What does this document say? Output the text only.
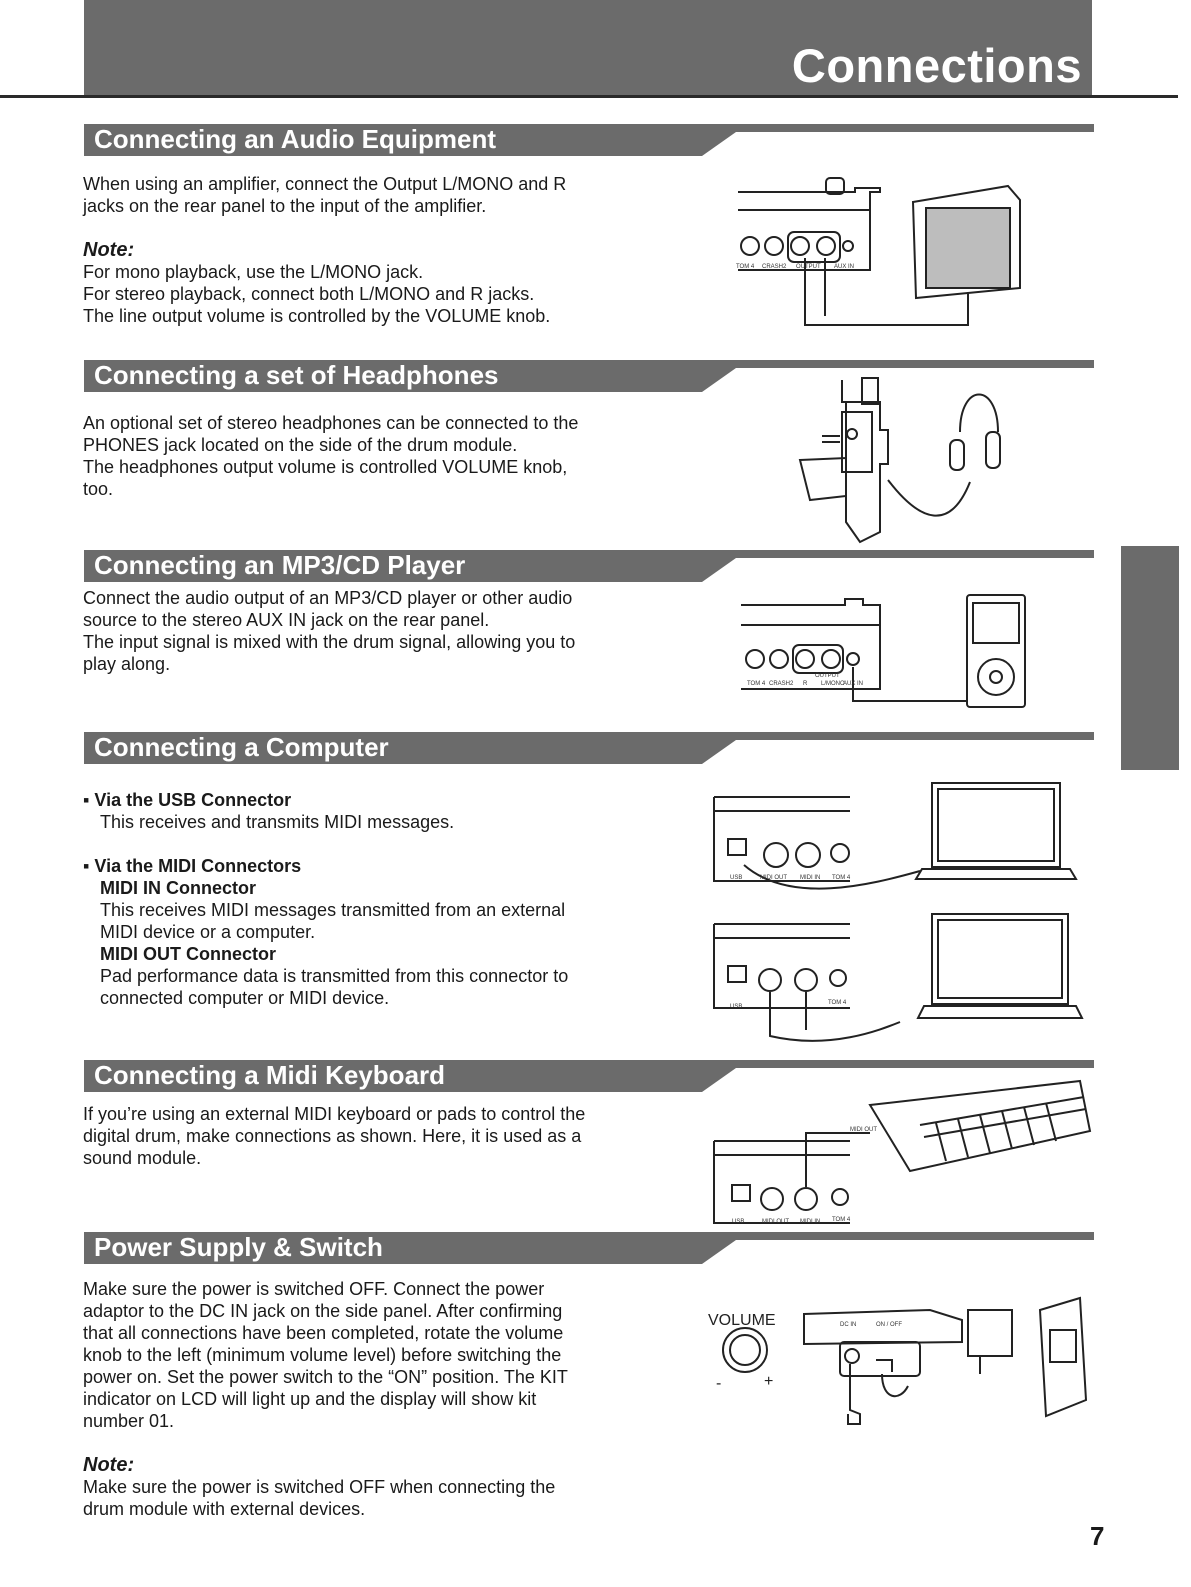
Connections
Connecting an Audio Equipment

When using an amplifier, connect the Output L/MONO and R

jacks on the rear panel to the input of the amplifier.

Note:

For mono playback, use the L/MONO jack.

For stereo playback, connect both L/MONO and R jacks.

The line output volume is controlled by the VOLUME knob.

TOM 4 CRASH2 OUTPUT AUX IN
Connecting a set of Headphones

An optional set of stereo headphones can be connected to the

PHONES jack located on the side of the drum module.

The headphones output volume is controlled VOLUME knob,

too.

Connecting an MP3/CD Player

Connect the audio output of an MP3/CD player or other audio

source to the stereo AUX IN jack on the rear panel.

The input signal is mixed with the drum signal, allowing you to

play along.

TOM 4 CRASH2
OUTPUT
R L/MONO
AUX IN
Connecting a Computer

▪ Via the USB Connector

This receives and transmits MIDI messages.

▪ Via the MIDI Connectors

MIDI IN Connector

This receives MIDI messages transmitted from an external

MIDI device or a computer.

MIDI OUT Connector

Pad performance data is transmitted from this connector to

connected computer or MIDI device.

USB	MIDI OUT MIDI IN TOM 4
USB
TOM 4
Connecting a Midi Keyboard

If you’re using an external MIDI keyboard or pads to control the

digital drum, make connections as shown. Here, it is used as a

sound module.

USB	MIDI OUT MIDI IN TOM 4
MIDI OUT
Power Supply & Switch

Make sure the power is switched OFF. Connect the power

adaptor to the DC IN jack on the side panel. After confirming

that all connections have been completed, rotate the volume

knob to the left (minimum volume level) before switching the

power on. Set the power switch to the “ON” position. The KIT

indicator on LCD will light up and the display will show kit

number 01.

Note:

Make sure the power is switched OFF when connecting the

drum module with external devices.

VOLUME
-	+
DC IN	ON / OFF
7
